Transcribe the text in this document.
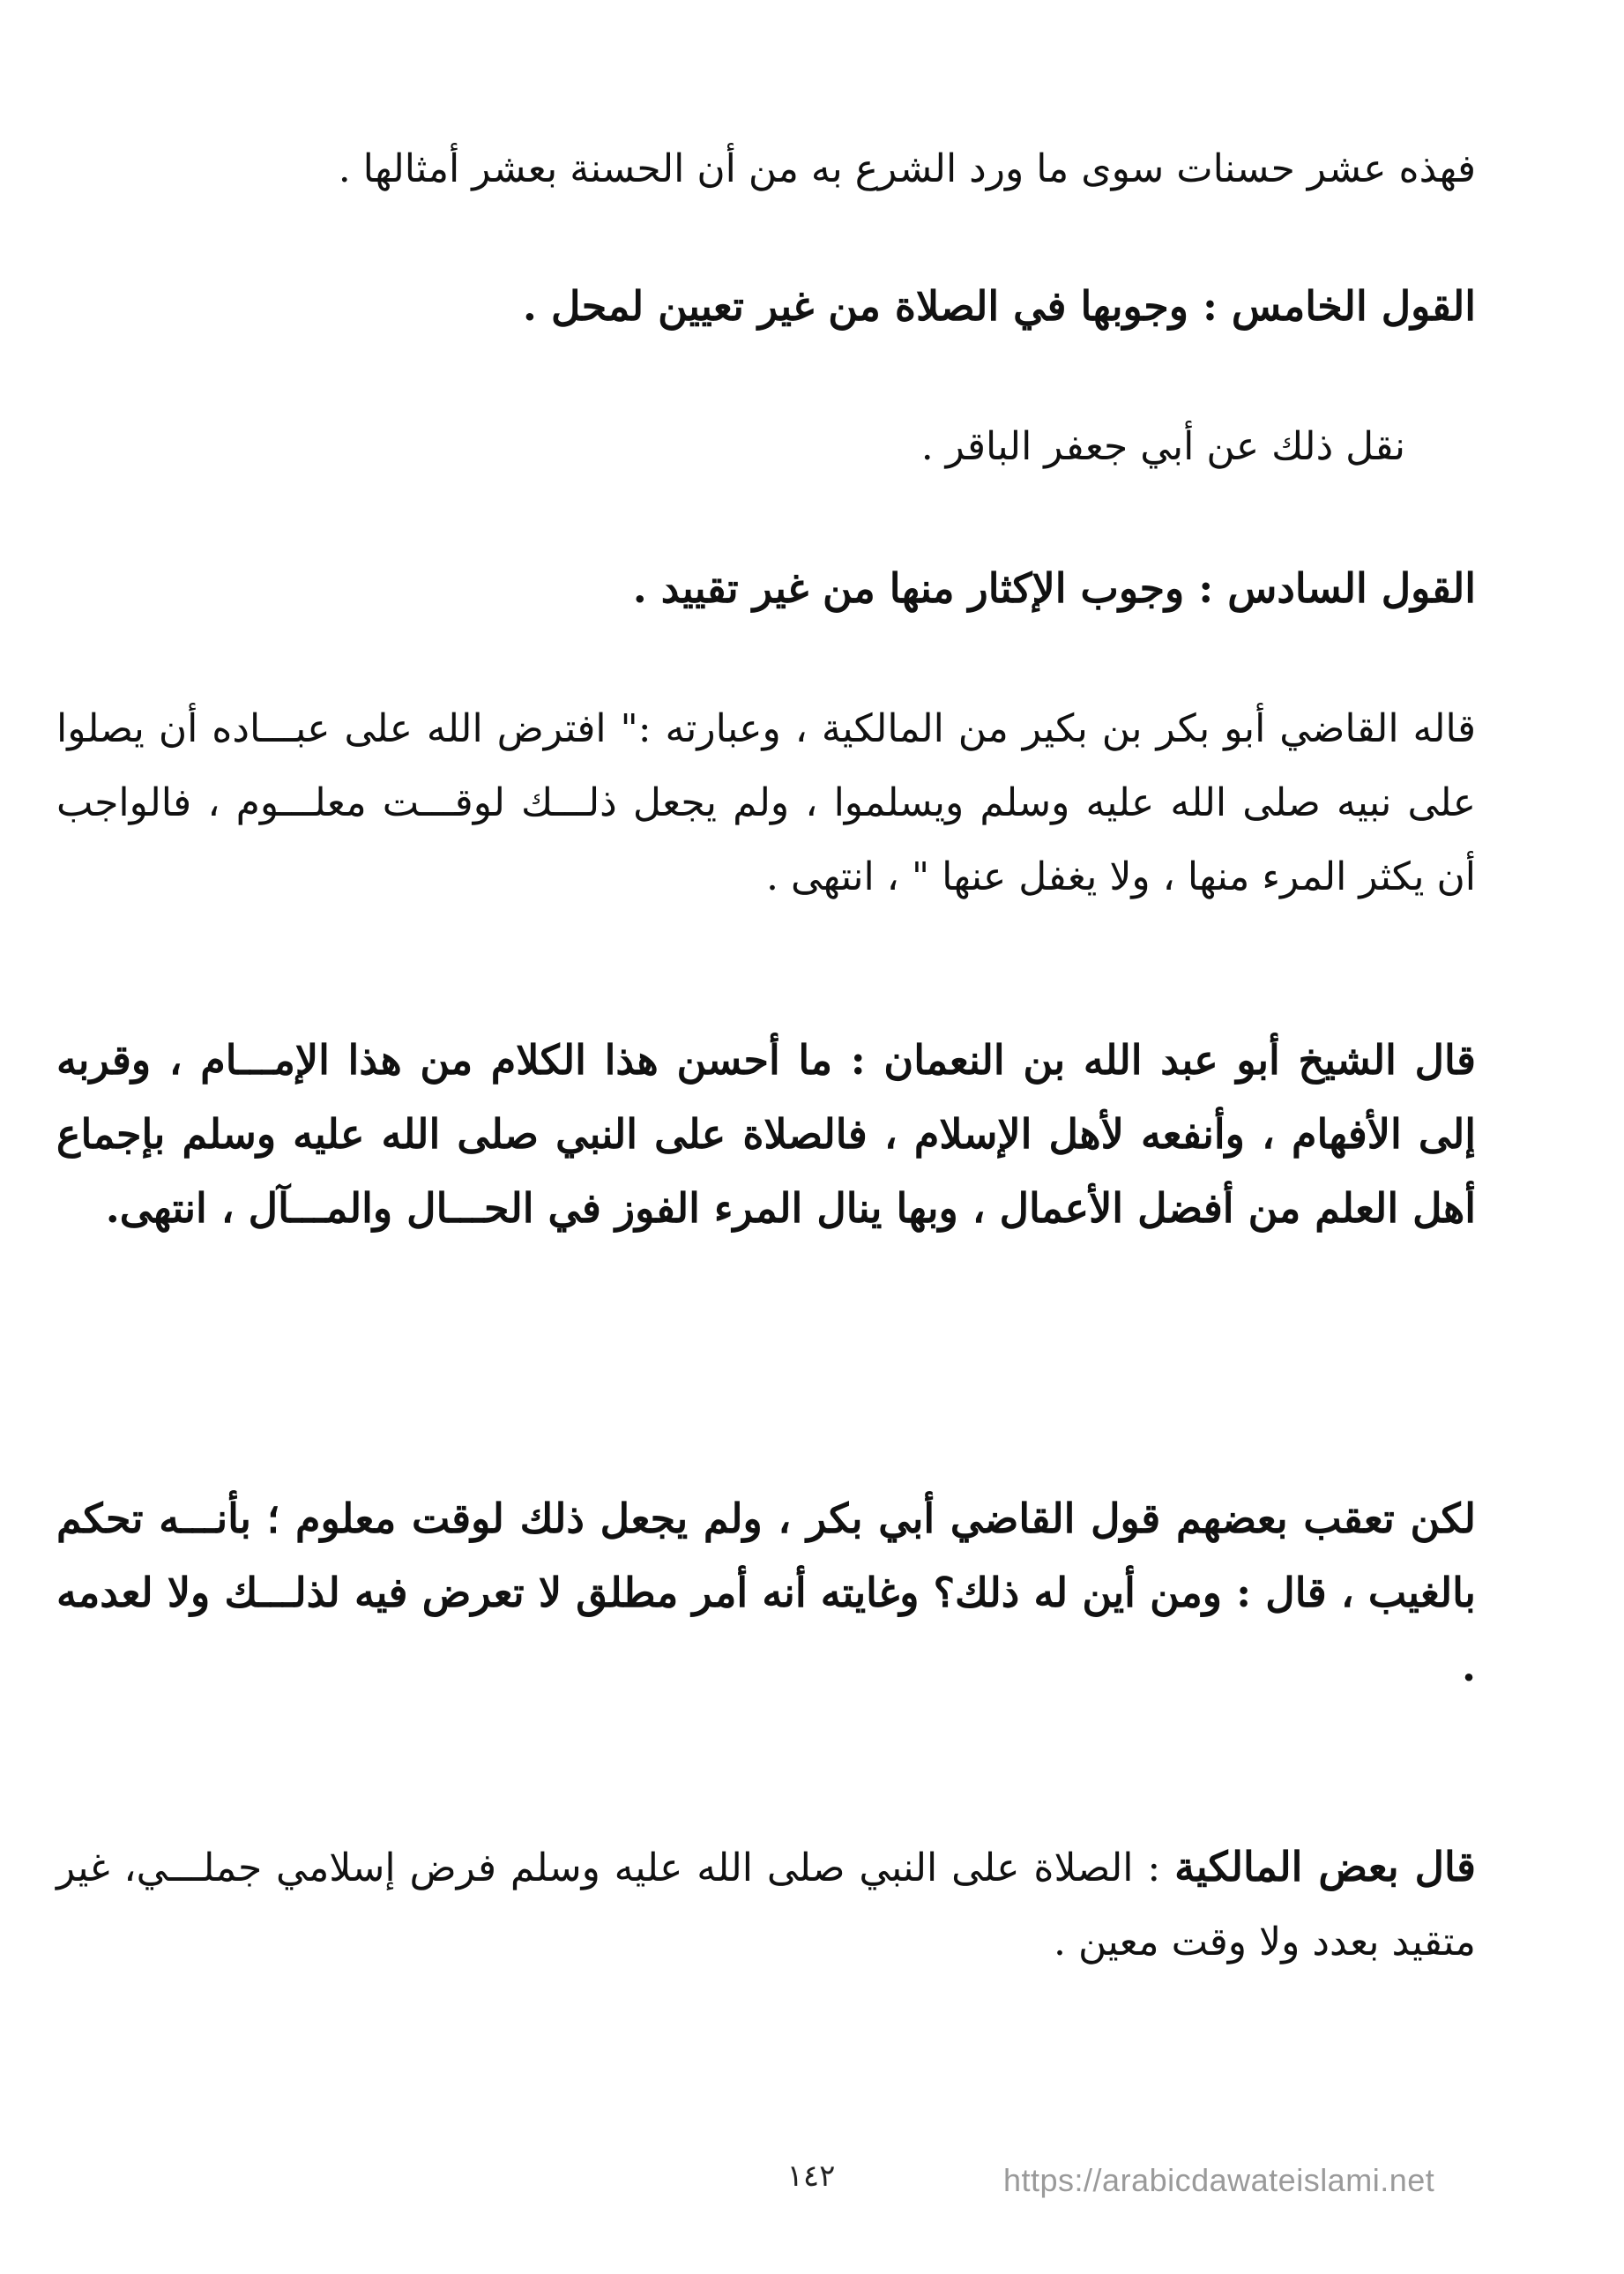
فهذه عشر حسنات سوى ما ورد الشرع به من أن الحسنة بعشر أمثالها .

القول الخامس : وجوبها في الصلاة من غير تعيين لمحل .

نقل ذلك عن أبي جعفر الباقر .

القول السادس : وجوب الإكثار منها من غير تقييد .

قاله القاضي أبو بكر بن بكير من المالكية ، وعبارته :" افترض الله على عبـــاده أن يصلوا على نبيه صلى الله عليه وسلم ويسلموا ، ولم يجعل ذلـــك لوقـــت معلـــوم ، فالواجب أن يكثر المرء منها ، ولا يغفل عنها " ، انتهى .

قال الشيخ أبو عبد الله بن النعمان : ما أحسن هذا الكلام من هذا الإمـــام ، وقربه إلى الأفهام ، وأنفعه لأهل الإسلام ، فالصلاة على النبي صلى الله عليه وسلم بإجماع أهل العلم من أفضل الأعمال ، وبها ينال المرء الفوز في الحـــال والمـــآل ، انتهى.

لكن تعقب بعضهم قول القاضي أبي بكر ، ولم يجعل ذلك لوقت معلوم ؛ بأنـــه تحكم بالغيب ، قال : ومن أين له ذلك؟ وغايته أنه أمر مطلق لا تعرض فيه لذلـــك ولا لعدمه .

قال بعض المالكية : الصلاة على النبي صلى الله عليه وسلم فرض إسلامي جملـــي، غير متقيد بعدد ولا وقت معين .

١٤٢	https://arabicdawateislami.net
